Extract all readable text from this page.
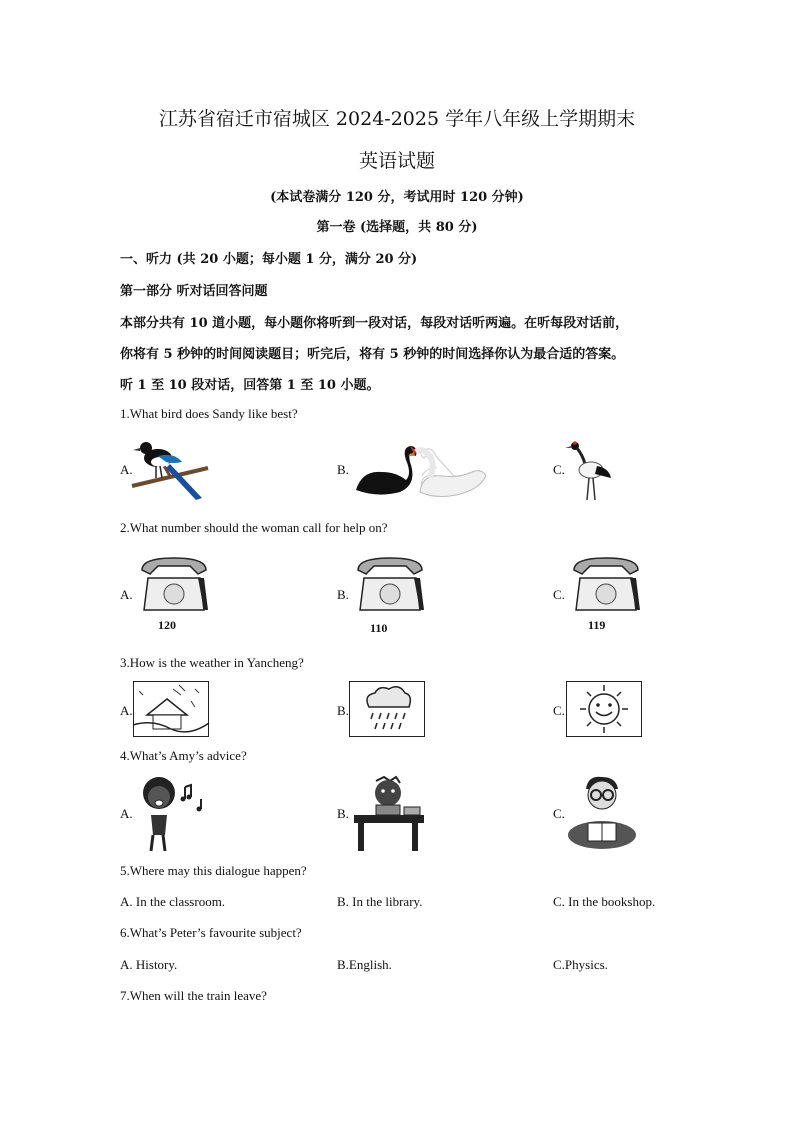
江苏省宿迁市宿城区 2024-2025 学年八年级上学期期末
英语试题
(本试卷满分 120 分，考试用时 120 分钟)
第一卷 (选择题，共 80 分)
一、听力 (共 20 小题；每小题 1 分，满分 20 分)
第一部分 听对话回答问题
本部分共有 10 道小题，每小题你将听到一段对话，每段对话听两遍。在听每段对话前，
你将有 5 秒钟的时间阅读题目；听完后，将有 5 秒钟的时间选择你认为最合适的答案。
听 1 至 10 段对话，回答第 1 至 10 小题。
1.What bird does Sandy like best?
A.	B.	C.
2.What number should the woman call for help on?
A.	B.	C.
120	110	119
3.How is the weather in Yancheng?
A.	B.	C.
4.What’s Amy’s advice?
A.	B.	C.
5.Where may this dialogue happen?
A. In the classroom.	B. In the library.	C. In the bookshop.
6.What’s Peter’s favourite subject?
A. History.	B.English.	C.Physics.
7.When will the train leave?
